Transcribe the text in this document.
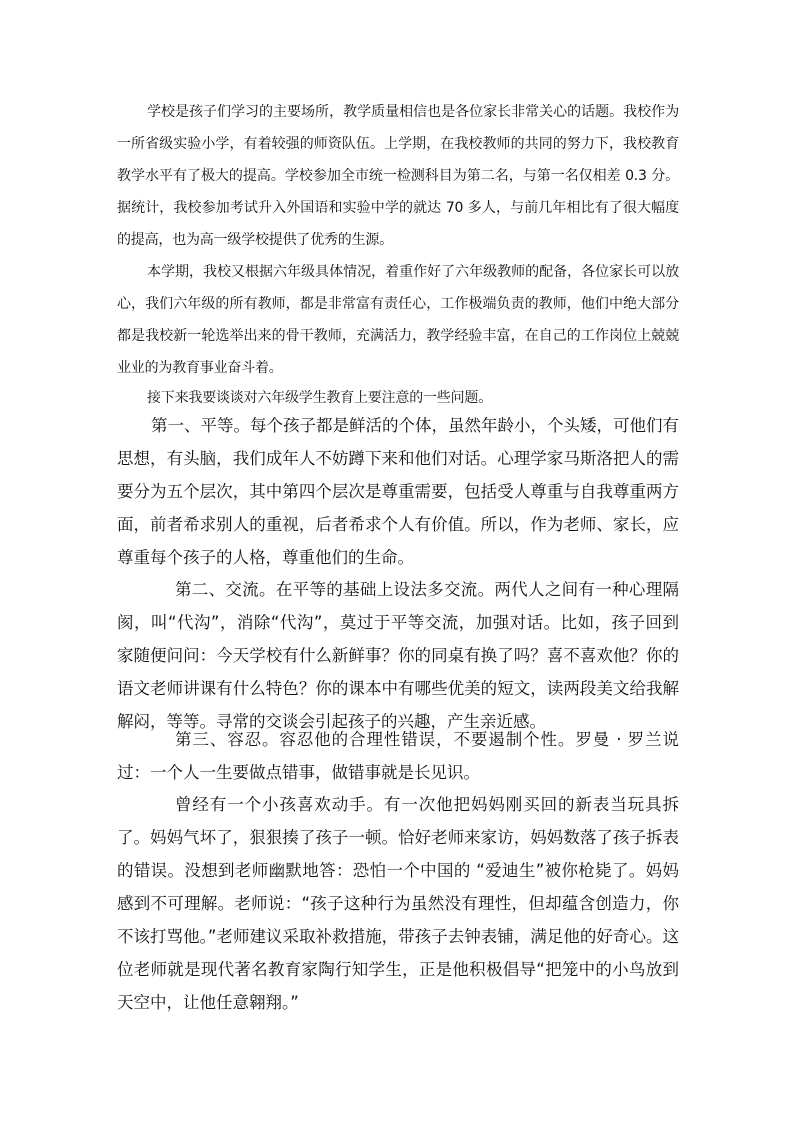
学校是孩子们学习的主要场所，教学质量相信也是各位家长非常关心的话题。我校作为一所省级实验小学，有着较强的师资队伍。上学期，在我校教师的共同的努力下，我校教育教学水平有了极大的提高。学校参加全市统一检测科目为第二名，与第一名仅相差 0.3 分。据统计，我校参加考试升入外国语和实验中学的就达 70 多人，与前几年相比有了很大幅度的提高，也为高一级学校提供了优秀的生源。

本学期，我校又根据六年级具体情况，着重作好了六年级教师的配备，各位家长可以放心，我们六年级的所有教师，都是非常富有责任心，工作极端负责的教师，他们中绝大部分都是我校新一轮选举出来的骨干教师，充满活力，教学经验丰富，在自己的工作岗位上兢兢业业的为教育事业奋斗着。

接下来我要谈谈对六年级学生教育上要注意的一些问题。

第一、平等。每个孩子都是鲜活的个体，虽然年龄小，个头矮，可他们有思想，有头脑，我们成年人不妨蹲下来和他们对话。心理学家马斯洛把人的需要分为五个层次，其中第四个层次是尊重需要，包括受人尊重与自我尊重两方面，前者希求别人的重视，后者希求个人有价值。所以，作为老师、家长，应尊重每个孩子的人格，尊重他们的生命。

第二、交流。在平等的基础上设法多交流。两代人之间有一种心理隔阂，叫“代沟”，消除“代沟”，莫过于平等交流，加强对话。比如，孩子回到家随便问问：今天学校有什么新鲜事？你的同桌有换了吗？喜不喜欢他？你的语文老师讲课有什么特色？你的课本中有哪些优美的短文，读两段美文给我解解闷，等等。寻常的交谈会引起孩子的兴趣，产生亲近感。

第三、容忍。容忍他的合理性错误，不要遏制个性。罗曼 · 罗兰说过：一个人一生要做点错事，做错事就是长见识。

曾经有一个小孩喜欢动手。有一次他把妈妈刚买回的新表当玩具拆了。妈妈气坏了，狠狠揍了孩子一顿。恰好老师来家访，妈妈数落了孩子拆表的错误。没想到老师幽默地答：恐怕一个中国的 “爱迪生”被你枪毙了。妈妈感到不可理解。老师说：“孩子这种行为虽然没有理性，但却蕴含创造力，你不该打骂他。”老师建议采取补救措施，带孩子去钟表铺，满足他的好奇心。这位老师就是现代著名教育家陶行知学生，正是他积极倡导“把笼中的小鸟放到天空中，让他任意翱翔。”
